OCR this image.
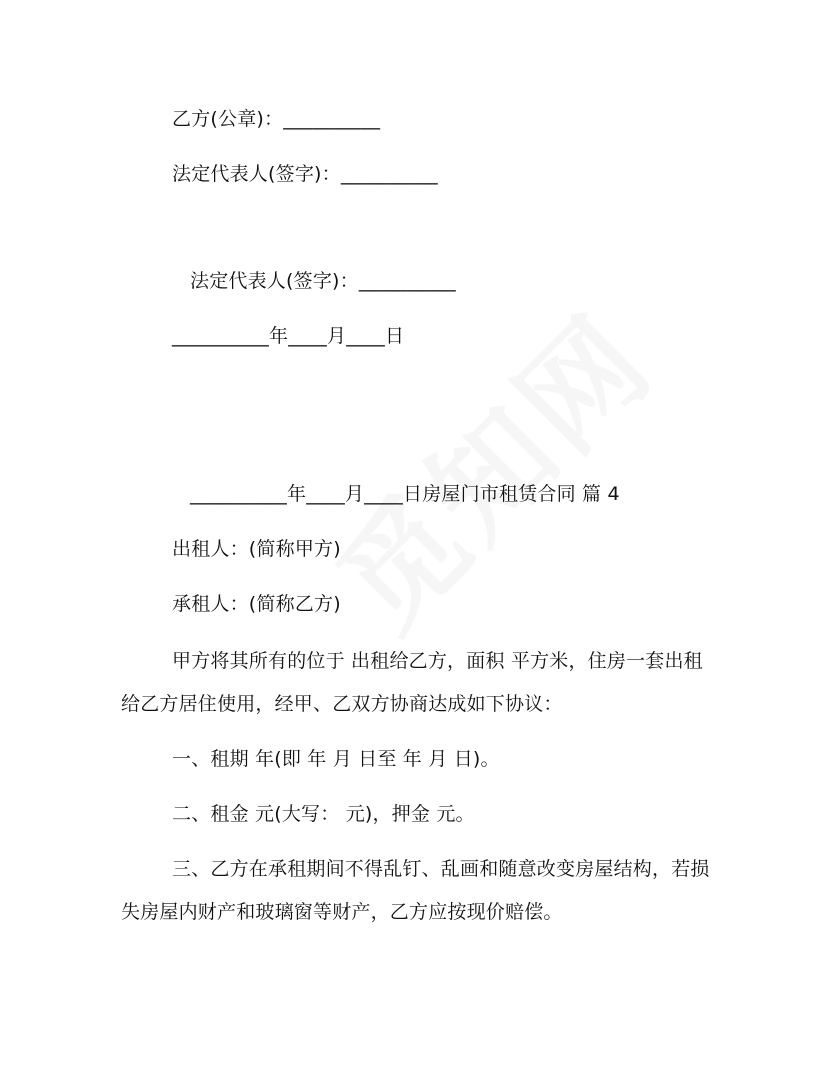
乙方(公章)：__________
法定代表人(签字)：__________
法定代表人(签字)：__________
__________年____月____日
__________年____月____日房屋门市租赁合同 篇 4
出租人：(简称甲方)
承租人：(简称乙方)
甲方将其所有的位于 出租给乙方，面积 平方米，住房一套出租
给乙方居住使用，经甲、乙双方协商达成如下协议：
一、租期 年(即 年 月 日至 年 月 日)。
二、租金 元(大写： 元)，押金 元。
三、乙方在承租期间不得乱钉、乱画和随意改变房屋结构，若损
失房屋内财产和玻璃窗等财产，乙方应按现价赔偿。
